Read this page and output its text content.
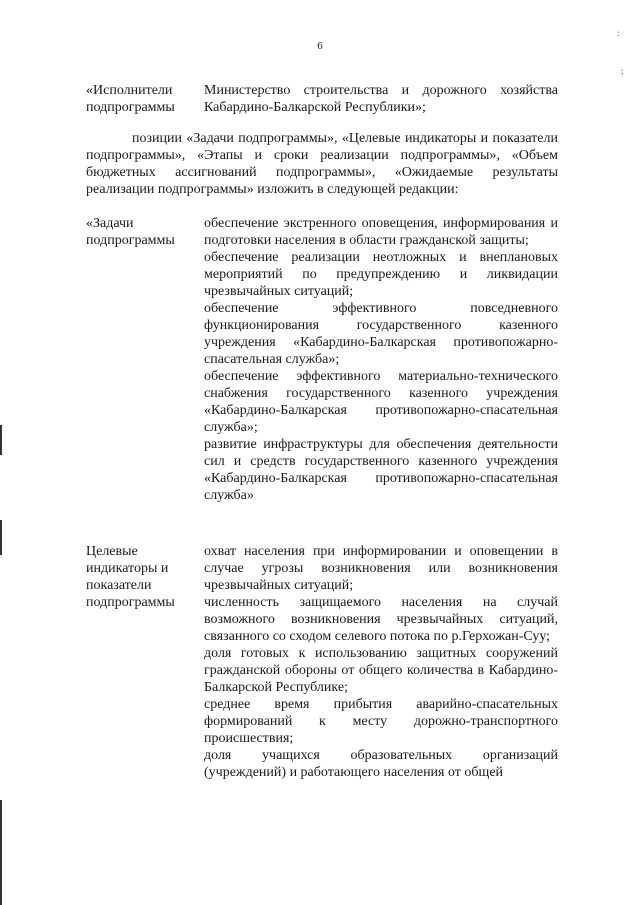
6
:
;
«Исполнители подпрограммы

Министерство строительства и дорожного хозяйства Кабардино-Балкарской Республики»;

позиции «Задачи подпрограммы», «Целевые индикаторы и показатели подпрограммы», «Этапы и сроки реализации подпрограммы», «Объем бюджетных ассигнований подпрограммы», «Ожидаемые результаты реализации подпрограммы» изложить в следующей редакции:
«Задачи подпрограммы

обеспечение экстренного оповещения, информирования и подготовки населения в области гражданской защиты;

обеспечение реализации неотложных и внеплановых мероприятий по предупреждению и ликвидации чрезвычайных ситуаций;

обеспечение эффективного повседневного функционирования государственного казенного учреждения «Кабардино-Балкарская противопожарно-спасательная служба»;

обеспечение эффективного материально-технического снабжения государственного казенного учреждения «Кабардино-Балкарская противопожарно-спасательная служба»;

развитие инфраструктуры для обеспечения деятельности сил и средств государственного казенного учреждения «Кабардино-Балкарская противопожарно-спасательная служба»

Целевые индикаторы и показатели подпрограммы

охват населения при информировании и оповещении в случае угрозы возникновения или возникновения чрезвычайных ситуаций;

численность защищаемого населения на случай возможного возникновения чрезвычайных ситуаций, связанного со сходом селевого потока по р.Герхожан-Суу;

доля готовых к использованию защитных сооружений гражданской обороны от общего количества в Кабардино-Балкарской Республике;

среднее время прибытия аварийно-спасательных формирований к месту дорожно-транспортного происшествия;

доля учащихся образовательных организаций (учреждений) и работающего населения от общей
